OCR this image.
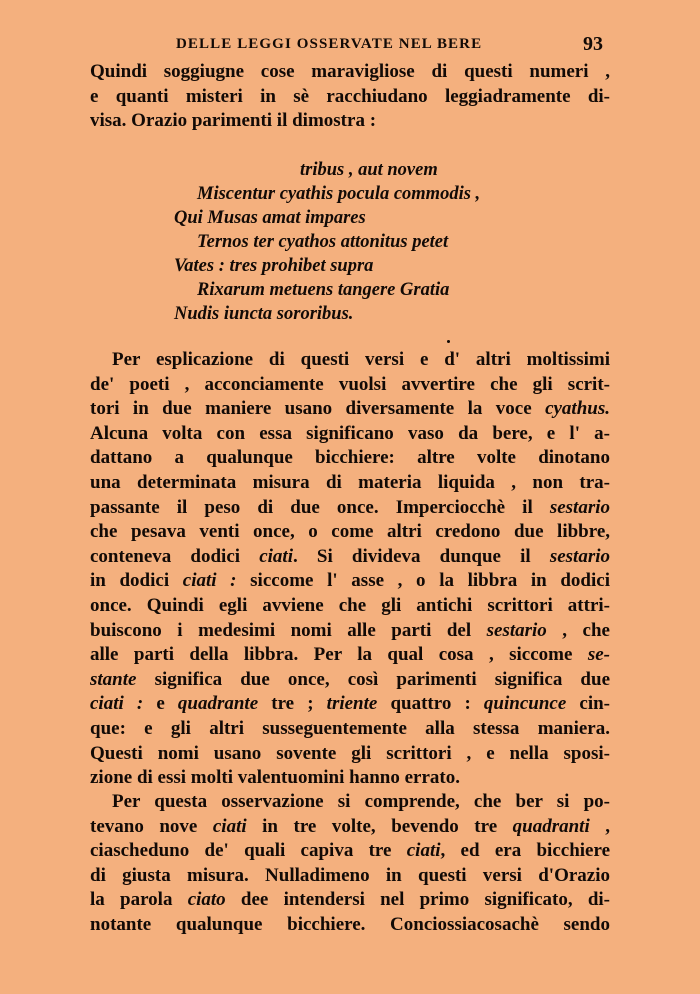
DELLE LEGGI OSSERVATE NEL BERE	93
Quindi soggiugne cose maravigliose di questi numeri ,
e quanti misteri in sè racchiudano leggiadramente di-
visa. Orazio parimenti il dimostra :
tribus , aut novem
Miscentur cyathis pocula commodis ,
Qui Musas amat impares
Ternos ter cyathos attonitus petet
Vates : tres prohibet supra
Rixarum metuens tangere Gratia
Nudis iuncta sororibus.
Per esplicazione di questi versi e d' altri moltissimi
de' poeti , acconciamente vuolsi avvertire che gli scrit-
tori in due maniere usano diversamente la voce cyathus.
Alcuna volta con essa significano vaso da bere, e l' a-
dattano a qualunque bicchiere: altre volte dinotano
una determinata misura di materia liquida , non tra-
passante il peso di due once. Imperciocchè il sestario
che pesava venti once, o come altri credono due libbre,
conteneva dodici ciati. Si divideva dunque il sestario
in dodici ciati : siccome l' asse , o la libbra in dodici
once. Quindi egli avviene che gli antichi scrittori attri-
buiscono i medesimi nomi alle parti del sestario , che
alle parti della libbra. Per la qual cosa , siccome se-
stante significa due once, così parimenti significa due
ciati : e quadrante tre ; triente quattro : quincunce cin-
que: e gli altri susseguentemente alla stessa maniera.
Questi nomi usano sovente gli scrittori , e nella sposi-
zione di essi molti valentuomini hanno errato.
Per questa osservazione si comprende, che ber si po-
tevano nove ciati in tre volte, bevendo tre quadranti ,
ciascheduno de' quali capiva tre ciati, ed era bicchiere
di giusta misura. Nulladimeno in questi versi d'Orazio
la parola ciato dee intendersi nel primo significato, di-
notante qualunque bicchiere. Conciossiacosachè sendo
